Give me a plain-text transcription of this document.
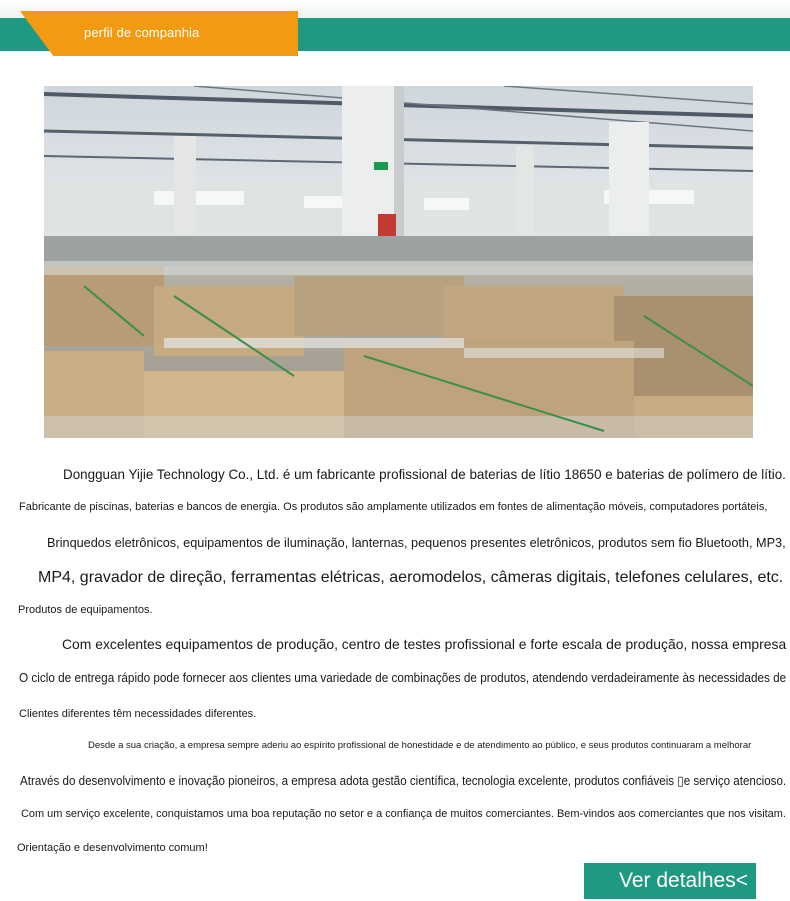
perfil de companhia
Dongguan Yijie Technology Co., Ltd. é um fabricante profissional de baterias de lítio 18650 e baterias de polímero de lítio.
Fabricante de piscinas, baterias e bancos de energia. Os produtos são amplamente utilizados em fontes de alimentação móveis, computadores portáteis,
Brinquedos eletrônicos, equipamentos de iluminação, lanternas, pequenos presentes eletrônicos, produtos sem fio Bluetooth, MP3,
MP4, gravador de direção, ferramentas elétricas, aeromodelos, câmeras digitais, telefones celulares, etc.
Produtos de equipamentos.
Com excelentes equipamentos de produção, centro de testes profissional e forte escala de produção, nossa empresa
O ciclo de entrega rápido pode fornecer aos clientes uma variedade de combinações de produtos, atendendo verdadeiramente às necessidades de
Clientes diferentes têm necessidades diferentes.
Desde a sua criação, a empresa sempre aderiu ao espírito profissional de honestidade e de atendimento ao público, e seus produtos continuaram a melhorar
Através do desenvolvimento e inovação pioneiros, a empresa adota gestão científica, tecnologia excelente, produtos confiáveis ▯e serviço atencioso.
Com um serviço excelente, conquistamos uma boa reputação no setor e a confiança de muitos comerciantes. Bem-vindos aos comerciantes que nos visitam.
Orientação e desenvolvimento comum!
Ver detalhes<
